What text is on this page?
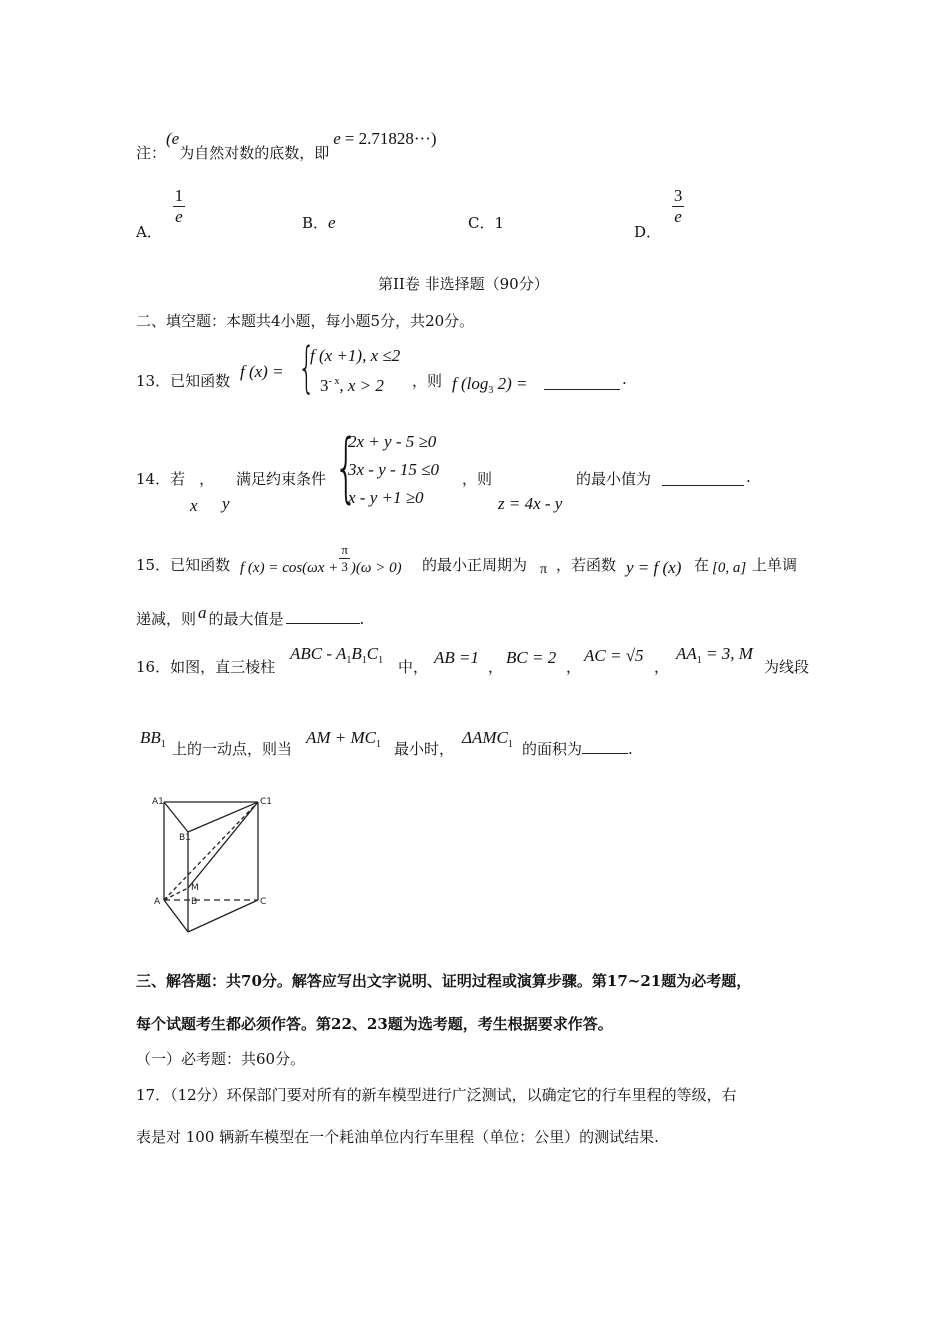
注：(e为自然对数的底数，即e = 2.71828···)
A．
$\frac{1}{e}$	B．e	C．1	D．
$\frac{3}{e}$
第II卷 非选择题（90分）
二、填空题：本题共4小题，每小题5分，共20分。
13．已知函数 f (x) = {
f (x +1), x ≤2
$3^{- x}$, x > 2 ，则 f ($\log_3$ 2) =	.
14．若 ，
x y
满足约束条件 {
2x + y - 5 ≥0
3x - y - 15 ≤0
x - y +1 ≥0
，则
z = 4x - y
的最小值为	.
15．已知函数 f $(x) = \cos(\omega x + \frac{\pi}{3} )(\omega > 0)$ 的最小正周期为 π ，若函数 y = f (x) 在 [0, a] 上单调
递减，则 a 的最大值是	.
16．如图，直三棱柱
ABC - $A_1B_1C_1$ 中， AB =1 ， BC = 2 ，
AC = √5
，
$AA_1 = 3$, M
为线段
$BB_1$ 上的一动点，则当
AM + $MC_1$ 最小时，
$\Delta AMC_1$ 的面积为	.
A1	C1
B1
M
A	B	C
三、解答题：共70分。解答应写出文字说明、证明过程或演算步骤。第17~21题为必考题，
每个试题考生都必须作答。第22、23题为选考题，考生根据要求作答。
（一）必考题：共60分。
17．（12分）环保部门要对所有的新车模型进行广泛测试，以确定它的行车里程的等级，右
表是对 100 辆新车模型在一个耗油单位内行车里程（单位：公里）的测试结果.
